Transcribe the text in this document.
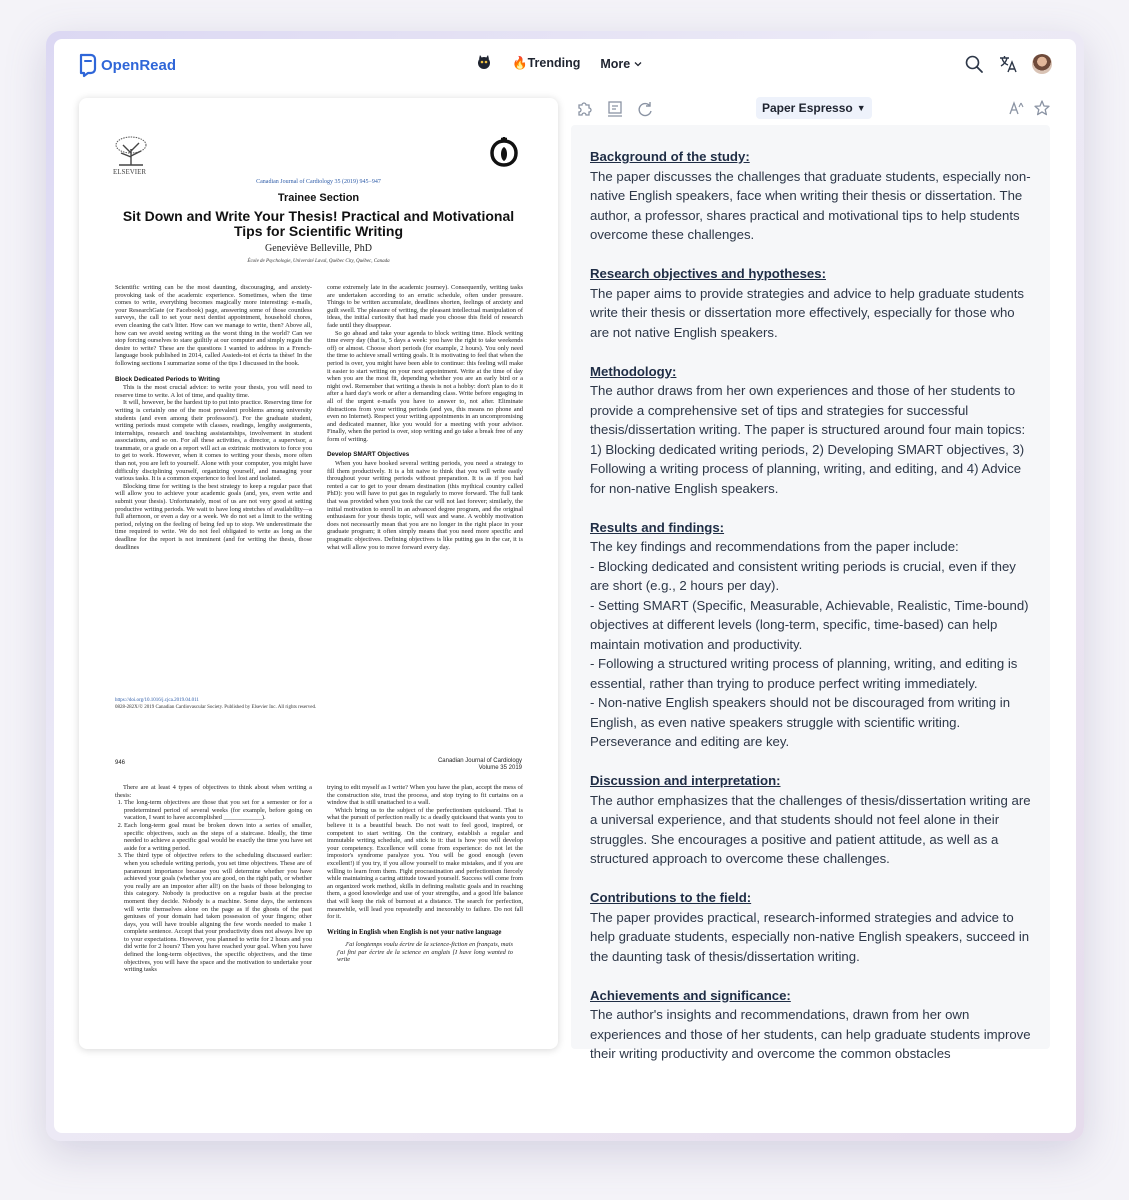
OpenRead	🔥Trending More
ELSEVIER
Canadian Journal of Cardiology 35 (2019) 945−947
Trainee Section
Sit Down and Write Your Thesis! Practical and Motivational Tips for Scientific Writing
Geneviève Belleville, PhD
École de Psychologie, Université Laval, Québec City, Québec, Canada

Scientific writing can be the most daunting, discouraging, and anxiety-provoking task of the academic experience. Sometimes, when the time comes to write, everything becomes magically more interesting: e-mails, your ResearchGate (or Facebook) page, answering some of those countless surveys, the call to set your next dentist appointment, household chores, even cleaning the cat's litter. How can we manage to write, then? Above all, how can we avoid seeing writing as the worst thing in the world? Can we stop forcing ourselves to stare guiltily at our computer and simply regain the desire to write? These are the questions I wanted to address in a French-language book published in 2014, called Assieds-toi et écris ta thèse! In the following sections I summarize some of the tips I discussed in the book.

Block Dedicated Periods to Writing

This is the most crucial advice: to write your thesis, you will need to reserve time to write. A lot of time, and quality time.

It will, however, be the hardest tip to put into practice. Reserving time for writing is certainly one of the most prevalent problems among university students (and even among their professors!). For the graduate student, writing periods must compete with classes, readings, lengthy assignments, internships, research and teaching assistantships, involvement in student associations, and so on. For all these activities, a director, a supervisor, a teammate, or a grade on a report will act as extrinsic motivators to force you to get to work. However, when it comes to writing your thesis, more often than not, you are left to yourself. Alone with your computer, you might have difficulty disciplining yourself, organizing yourself, and managing your various tasks. It is a common experience to feel lost and isolated.

Blocking time for writing is the best strategy to keep a regular pace that will allow you to achieve your academic goals (and, yes, even write and submit your thesis). Unfortunately, most of us are not very good at setting productive writing periods. We wait to have long stretches of availability—a full afternoon, or even a day or a week. We do not set a limit to the writing period, relying on the feeling of being fed up to stop. We underestimate the time required to write. We do not feel obligated to write as long as the deadline for the report is not imminent (and for writing the thesis, those deadlines

come extremely late in the academic journey). Consequently, writing tasks are undertaken according to an erratic schedule, often under pressure. Things to be written accumulate, deadlines shorten, feelings of anxiety and guilt swell. The pleasure of writing, the pleasant intellectual manipulation of ideas, the initial curiosity that had made you choose this field of research fade until they disappear.

So go ahead and take your agenda to block writing time. Block writing time every day (that is, 5 days a week: you have the right to take weekends off) or almost. Choose short periods (for example, 2 hours). You only need the time to achieve small writing goals. It is motivating to feel that when the period is over, you might have been able to continue: this feeling will make it easier to start writing on your next appointment. Write at the time of day when you are the most fit, depending whether you are an early bird or a night owl. Remember that writing a thesis is not a hobby: don't plan to do it after a hard day's work or after a demanding class. Write before engaging in all of the urgent e-mails you have to answer to, not after. Eliminate distractions from your writing periods (and yes, this means no phone and even no Internet). Respect your writing appointments in an uncompromising and dedicated manner, like you would for a meeting with your advisor. Finally, when the period is over, stop writing and go take a break free of any form of writing.

Develop SMART Objectives

When you have booked several writing periods, you need a strategy to fill them productively. It is a bit naive to think that you will write easily throughout your writing periods without preparation. It is as if you had rented a car to get to your dream destination (this mythical country called PhD): you will have to put gas in regularly to move forward. The full tank that was provided when you took the car will not last forever; similarly, the initial motivation to enroll in an advanced degree program, and the original enthusiasm for your thesis topic, will wax and wane. A wobbly motivation does not necessarily mean that you are no longer in the right place in your graduate program; it often simply means that you need more specific and pragmatic objectives. Defining objectives is like putting gas in the car, it is what will allow you to move forward every day.

https://doi.org/10.1016/j.cjca.2019.04.011
0828-282X/© 2019 Canadian Cardiovascular Society. Published by Elsevier Inc. All rights reserved.
946	Canadian Journal of Cardiology
Volume 35 2019

There are at least 4 types of objectives to think about when writing a thesis:

1. The long-term objectives are those that you set for a semester or for a predetermined period of several weeks (for example, before going on vacation, I want to have accomplished ____________).
2. Each long-term goal must be broken down into a series of smaller, specific objectives, such as the steps of a staircase. Ideally, the time needed to achieve a specific goal would be exactly the time you have set aside for a writing period.
3. The third type of objective refers to the scheduling discussed earlier: when you schedule writing periods, you set time objectives. These are of paramount importance because you will determine whether you have achieved your goals (whether you are good, on the right path, or whether you really are an impostor after all!) on the basis of those belonging to this category. Nobody is productive on a regular basis at the precise moment they decide. Nobody is a machine. Some days, the sentences will write themselves alone on the page as if the ghosts of the past geniuses of your domain had taken possession of your fingers; other days, you will have trouble aligning the few words needed to make 1 complete sentence. Accept that your productivity does not always live up to your expectations. However, you planned to write for 2 hours and you did write for 2 hours? Then you have reached your goal. When you have defined the long-term objectives, the specific objectives, and the time objectives, you will have the space and the motivation to undertake your writing tasks

trying to edit myself as I write? When you have the plan, accept the mess of the construction site, trust the process, and stop trying to fit curtains on a window that is still unattached to a wall.

Which bring us to the subject of the perfectionism quicksand. That is what the pursuit of perfection really is: a deadly quicksand that wants you to believe it is a beautiful beach. Do not wait to feel good, inspired, or competent to start writing. On the contrary, establish a regular and immutable writing schedule, and stick to it: that is how you will develop your competency. Excellence will come from experience: do not let the impostor's syndrome paralyze you. You will be good enough (even excellent!) if you try, if you allow yourself to make mistakes, and if you are willing to learn from them. Fight procrastination and perfectionism fiercely while maintaining a caring attitude toward yourself. Success will come from an organized work method, skills in defining realistic goals and in reaching them, a good knowledge and use of your strengths, and a good life balance that will keep the risk of burnout at a distance. The search for perfection, meanwhile, will lead you repeatedly and inexorably to failure. Do not fall for it.

Writing in English when English is not your native language

J'ai longtemps voulu écrire de la science-fiction en français, mais j'ai fini par écrire de la science en anglais [I have long wanted to write

Paper Espresso ▼
Background of the study:
The paper discusses the challenges that graduate students, especially non-native English speakers, face when writing their thesis or dissertation. The author, a professor, shares practical and motivational tips to help students overcome these challenges.
Research objectives and hypotheses:
The paper aims to provide strategies and advice to help graduate students write their thesis or dissertation more effectively, especially for those who are not native English speakers.
Methodology:
The author draws from her own experiences and those of her students to provide a comprehensive set of tips and strategies for successful thesis/dissertation writing. The paper is structured around four main topics: 1) Blocking dedicated writing periods, 2) Developing SMART objectives, 3) Following a writing process of planning, writing, and editing, and 4) Advice for non-native English speakers.
Results and findings:
The key findings and recommendations from the paper include:
- Blocking dedicated and consistent writing periods is crucial, even if they are short (e.g., 2 hours per day).
- Setting SMART (Specific, Measurable, Achievable, Realistic, Time-bound) objectives at different levels (long-term, specific, time-based) can help maintain motivation and productivity.
- Following a structured writing process of planning, writing, and editing is essential, rather than trying to produce perfect writing immediately.
- Non-native English speakers should not be discouraged from writing in English, as even native speakers struggle with scientific writing. Perseverance and editing are key.
Discussion and interpretation:
The author emphasizes that the challenges of thesis/dissertation writing are a universal experience, and that students should not feel alone in their struggles. She encourages a positive and patient attitude, as well as a structured approach to overcome these challenges.
Contributions to the field:
The paper provides practical, research-informed strategies and advice to help graduate students, especially non-native English speakers, succeed in the daunting task of thesis/dissertation writing.
Achievements and significance:
The author's insights and recommendations, drawn from her own experiences and those of her students, can help graduate students improve their writing productivity and overcome the common obstacles
